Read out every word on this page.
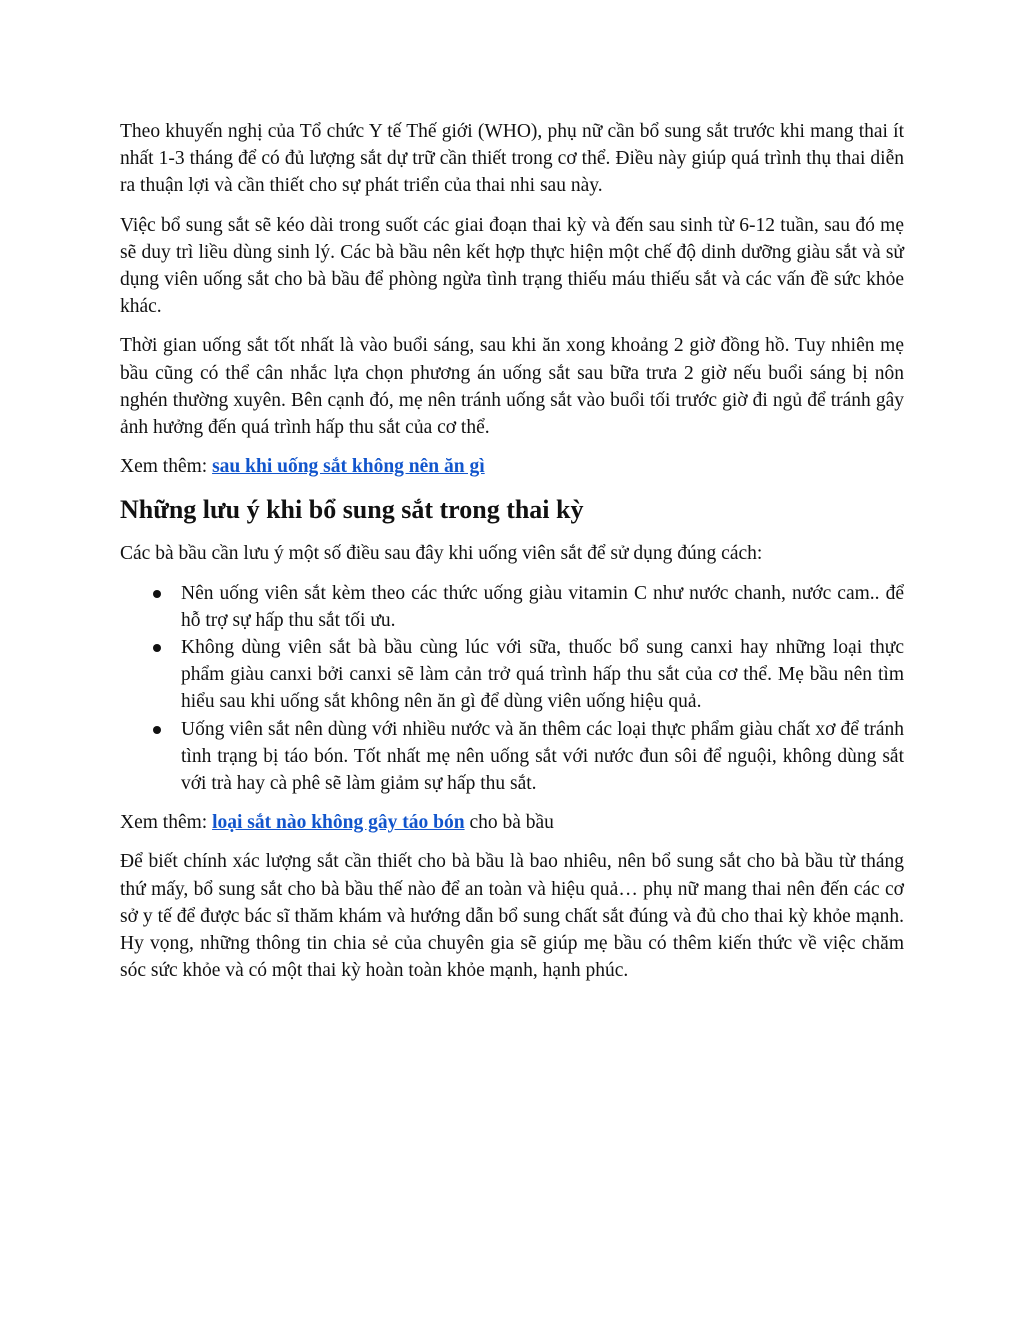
Theo khuyến nghị của Tổ chức Y tế Thế giới (WHO), phụ nữ cần bổ sung sắt trước khi mang thai ít nhất 1-3 tháng để có đủ lượng sắt dự trữ cần thiết trong cơ thể. Điều này giúp quá trình thụ thai diễn ra thuận lợi và cần thiết cho sự phát triển của thai nhi sau này.

Việc bổ sung sắt sẽ kéo dài trong suốt các giai đoạn thai kỳ và đến sau sinh từ 6-12 tuần, sau đó mẹ sẽ duy trì liều dùng sinh lý. Các bà bầu nên kết hợp thực hiện một chế độ dinh dưỡng giàu sắt và sử dụng viên uống sắt cho bà bầu để phòng ngừa tình trạng thiếu máu thiếu sắt và các vấn đề sức khỏe khác.

Thời gian uống sắt tốt nhất là vào buổi sáng, sau khi ăn xong khoảng 2 giờ đồng hồ. Tuy nhiên mẹ bầu cũng có thể cân nhắc lựa chọn phương án uống sắt sau bữa trưa 2 giờ nếu buổi sáng bị nôn nghén thường xuyên. Bên cạnh đó, mẹ nên tránh uống sắt vào buổi tối trước giờ đi ngủ để tránh gây ảnh hưởng đến quá trình hấp thu sắt của cơ thể.

Xem thêm: sau khi uống sắt không nên ăn gì

Những lưu ý khi bổ sung sắt trong thai kỳ

Các bà bầu cần lưu ý một số điều sau đây khi uống viên sắt để sử dụng đúng cách:

Nên uống viên sắt kèm theo các thức uống giàu vitamin C như nước chanh, nước cam.. để hỗ trợ sự hấp thu sắt tối ưu.
Không dùng viên sắt bà bầu cùng lúc với sữa, thuốc bổ sung canxi hay những loại thực phẩm giàu canxi bởi canxi sẽ làm cản trở quá trình hấp thu sắt của cơ thể. Mẹ bầu nên tìm hiểu sau khi uống sắt không nên ăn gì để dùng viên uống hiệu quả.
Uống viên sắt nên dùng với nhiều nước và ăn thêm các loại thực phẩm giàu chất xơ để tránh tình trạng bị táo bón. Tốt nhất mẹ nên uống sắt với nước đun sôi để nguội, không dùng sắt với trà hay cà phê sẽ làm giảm sự hấp thu sắt.

Xem thêm: loại sắt nào không gây táo bón cho bà bầu

Để biết chính xác lượng sắt cần thiết cho bà bầu là bao nhiêu, nên bổ sung sắt cho bà bầu từ tháng thứ mấy, bổ sung sắt cho bà bầu thế nào để an toàn và hiệu quả… phụ nữ mang thai nên đến các cơ sở y tế để được bác sĩ thăm khám và hướng dẫn bổ sung chất sắt đúng và đủ cho thai kỳ khỏe mạnh. Hy vọng, những thông tin chia sẻ của chuyên gia sẽ giúp mẹ bầu có thêm kiến thức về việc chăm sóc sức khỏe và có một thai kỳ hoàn toàn khỏe mạnh, hạnh phúc.
